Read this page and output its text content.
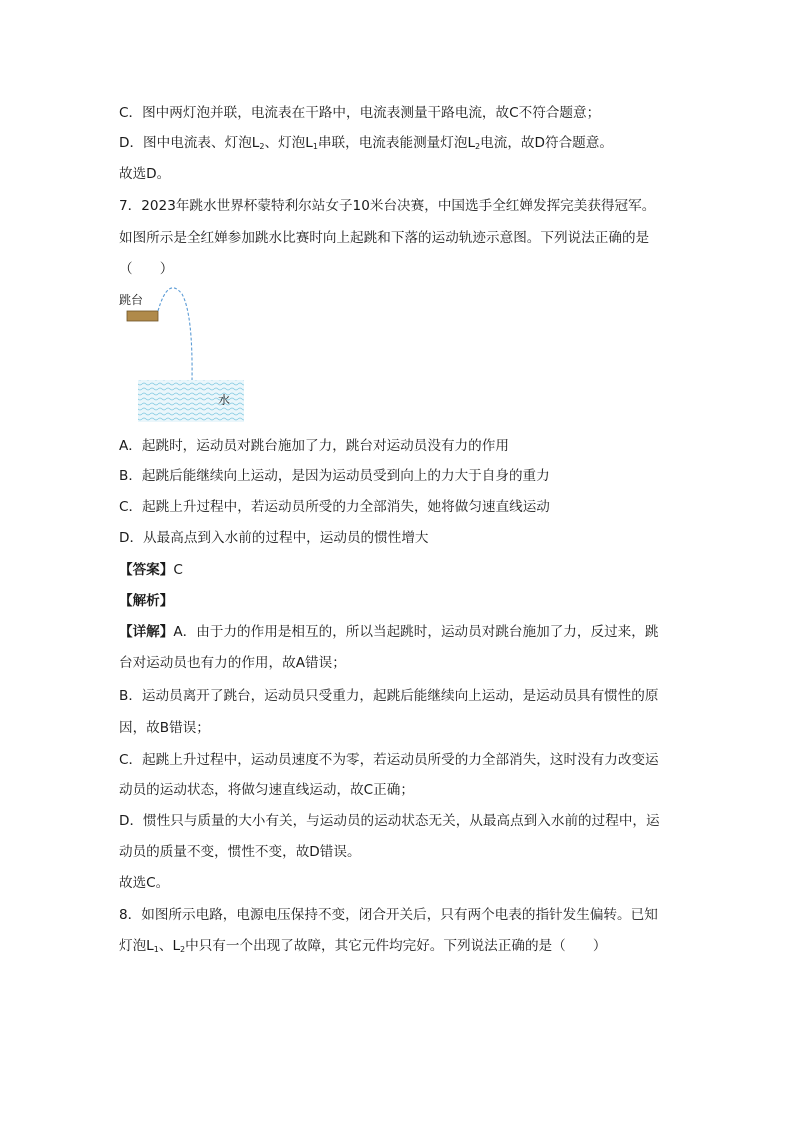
C．图中两灯泡并联，电流表在干路中，电流表测量干路电流，故C不符合题意；
D．图中电流表、灯泡$L_2$、灯泡$L_1$串联，电流表能测量灯泡$L_2$电流，故D符合题意。
故选D。
7．2023年跳水世界杯蒙特利尔站女子10米台决赛，中国选手全红婵发挥完美获得冠军。
如图所示是全红婵参加跳水比赛时向上起跳和下落的运动轨迹示意图。下列说法正确的是
（　　）
跳台
水
A．起跳时，运动员对跳台施加了力，跳台对运动员没有力的作用
B．起跳后能继续向上运动，是因为运动员受到向上的力大于自身的重力
C．起跳上升过程中，若运动员所受的力全部消失，她将做匀速直线运动
D．从最高点到入水前的过程中，运动员的惯性增大
【答案】C
【解析】
【详解】A．由于力的作用是相互的，所以当起跳时，运动员对跳台施加了力，反过来，跳
台对运动员也有力的作用，故A错误；
B．运动员离开了跳台，运动员只受重力，起跳后能继续向上运动，是运动员具有惯性的原
因，故B错误；
C．起跳上升过程中，运动员速度不为零，若运动员所受的力全部消失，这时没有力改变运
动员的运动状态，将做匀速直线运动，故C正确；
D．惯性只与质量的大小有关，与运动员的运动状态无关，从最高点到入水前的过程中，运
动员的质量不变，惯性不变，故D错误。
故选C。
8．如图所示电路，电源电压保持不变，闭合开关后，只有两个电表的指针发生偏转。已知
灯泡$L_1$、$L_2$中只有一个出现了故障，其它元件均完好。下列说法正确的是（　　）
